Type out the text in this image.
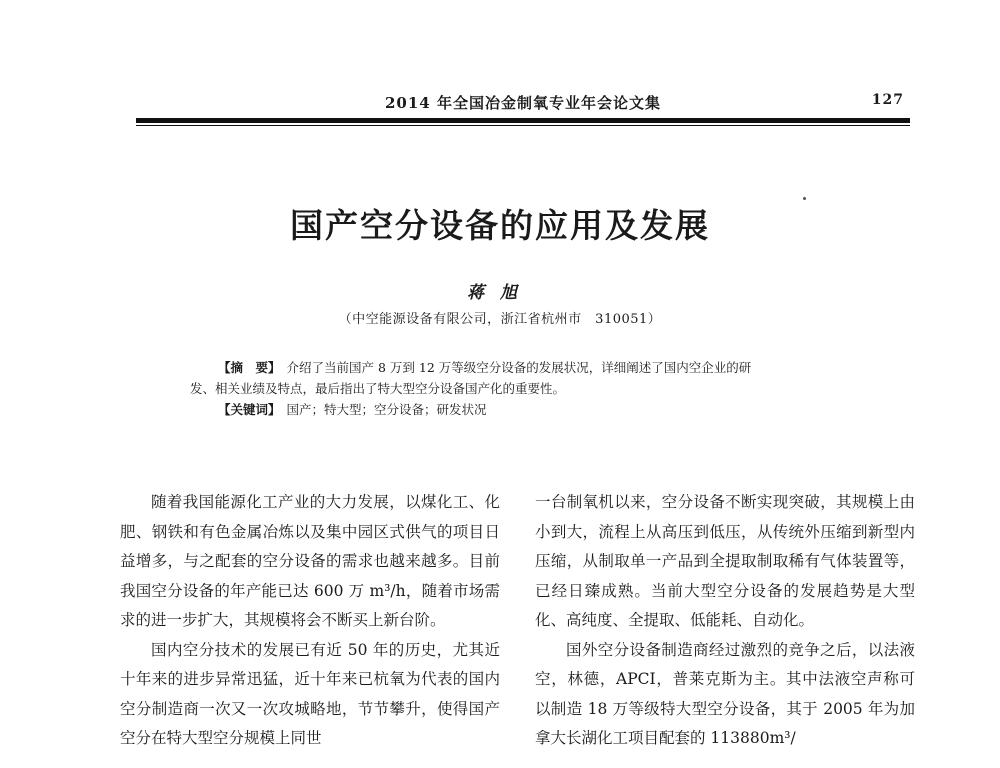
2014 年全国冶金制氧专业年会论文集	127
国产空分设备的应用及发展
蒋旭
（中空能源设备有限公司，浙江省杭州市　310051）

【摘　要】 介绍了当前国产 8 万到 12 万等级空分设备的发展状况，详细阐述了国内空企业的研

发、相关业绩及特点，最后指出了特大型空分设备国产化的重要性。

【关键词】 国产；特大型；空分设备；研发状况

随着我国能源化工产业的大力发展，以煤化工、化肥、钢铁和有色金属冶炼以及集中园区式供气的项目日益增多，与之配套的空分设备的需求也越来越多。目前我国空分设备的年产能已达 600 万 m³/h，随着市场需求的进一步扩大，其规模将会不断买上新台阶。

国内空分技术的发展已有近 50 年的历史，尤其近十年来的进步异常迅猛，近十年来已杭氧为代表的国内空分制造商一次又一次攻城略地，节节攀升，使得国产空分在特大型空分规模上同世

一台制氧机以来，空分设备不断实现突破，其规模上由小到大，流程上从高压到低压，从传统外压缩到新型内压缩，从制取单一产品到全提取制取稀有气体装置等，已经日臻成熟。当前大型空分设备的发展趋势是大型化、高纯度、全提取、低能耗、自动化。

国外空分设备制造商经过激烈的竞争之后，以法液空，林德，APCI，普莱克斯为主。其中法液空声称可以制造 18 万等级特大型空分设备，其于 2005 年为加拿大长湖化工项目配套的 113880m³/
